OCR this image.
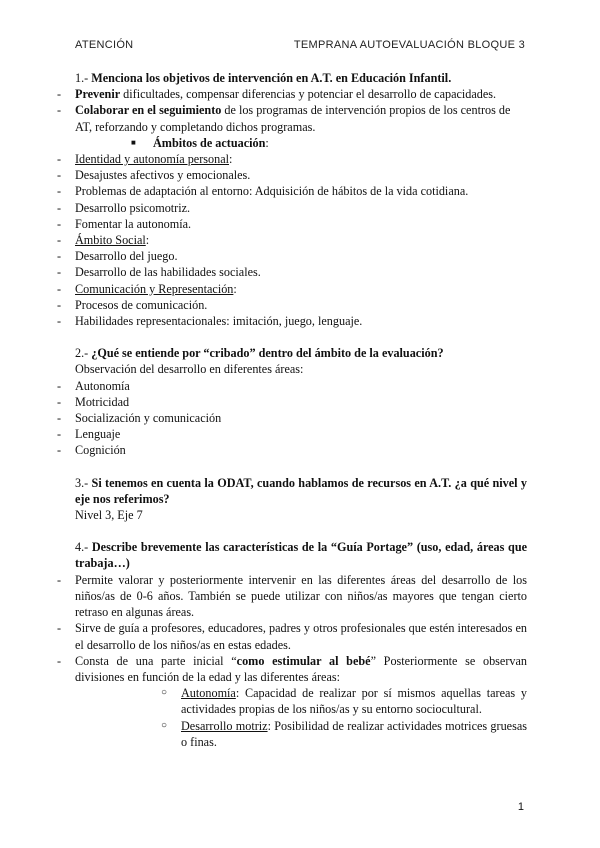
ATENCIÓN	TEMPRANA AUTOEVALUACIÓN BLOQUE 3
1.- Menciona los objetivos de intervención en A.T. en Educación Infantil.
- Prevenir dificultades, compensar diferencias y potenciar el desarrollo de capacidades.
- Colaborar en el seguimiento de los programas de intervención propios de los centros de AT, reforzando y completando dichos programas.
■ Ámbitos de actuación:
- Identidad y autonomía personal:
- Desajustes afectivos y emocionales.
- Problemas de adaptación al entorno: Adquisición de hábitos de la vida cotidiana.
- Desarrollo psicomotriz.
- Fomentar la autonomía.
- Ámbito Social:
- Desarrollo del juego.
- Desarrollo de las habilidades sociales.
- Comunicación y Representación:
- Procesos de comunicación.
- Habilidades representacionales: imitación, juego, lenguaje.
2.- ¿Qué se entiende por “cribado” dentro del ámbito de la evaluación?
Observación del desarrollo en diferentes áreas:
- Autonomía
- Motricidad
- Socialización y comunicación
- Lenguaje
- Cognición
3.- Si tenemos en cuenta la ODAT, cuando hablamos de recursos en A.T. ¿a qué nivel y eje nos referimos?
Nivel 3, Eje 7
4.- Describe brevemente las características de la “Guía Portage” (uso, edad, áreas que trabaja…)
- Permite valorar y posteriormente intervenir en las diferentes áreas del desarrollo de los niños/as de 0-6 años. También se puede utilizar con niños/as mayores que tengan cierto retraso en algunas áreas.
- Sirve de guía a profesores, educadores, padres y otros profesionales que estén interesados en el desarrollo de los niños/as en estas edades.
- Consta de una parte inicial “como estimular al bebé” Posteriormente se observan divisiones en función de la edad y las diferentes áreas:
○ Autonomía: Capacidad de realizar por sí mismos aquellas tareas y actividades propias de los niños/as y su entorno sociocultural.
○ Desarrollo motriz: Posibilidad de realizar actividades motrices gruesas o finas.
1
